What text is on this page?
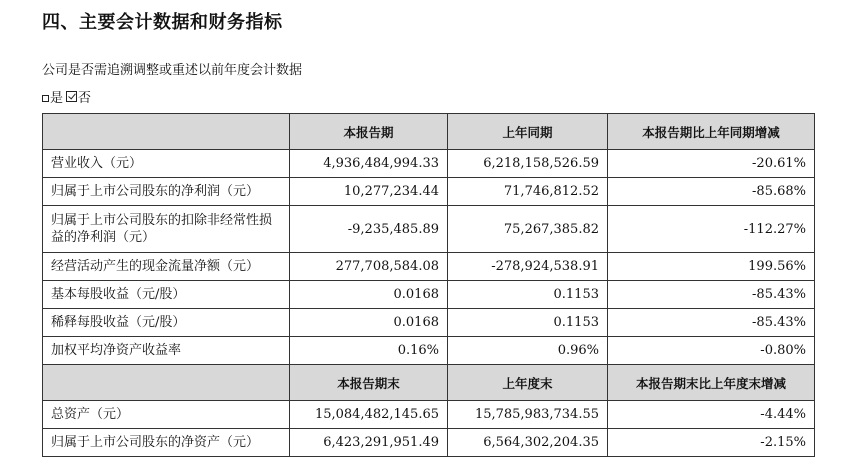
四、主要会计数据和财务指标
公司是否需追溯调整或重述以前年度会计数据
是 否
	本报告期	上年同期	本报告期比上年同期增减
营业收入（元）	4,936,484,994.33	6,218,158,526.59	-20.61%
归属于上市公司股东的净利润（元）	10,277,234.44	71,746,812.52	-85.68%
归属于上市公司股东的扣除非经常性损益的净利润（元）	-9,235,485.89	75,267,385.82	-112.27%
经营活动产生的现金流量净额（元）	277,708,584.08	-278,924,538.91	199.56%
基本每股收益（元/股）	0.0168	0.1153	-85.43%
稀释每股收益（元/股）	0.0168	0.1153	-85.43%
加权平均净资产收益率	0.16%	0.96%	-0.80%
	本报告期末	上年度末	本报告期末比上年度末增减
总资产（元）	15,084,482,145.65	15,785,983,734.55	-4.44%
归属于上市公司股东的净资产（元）	6,423,291,951.49	6,564,302,204.35	-2.15%
